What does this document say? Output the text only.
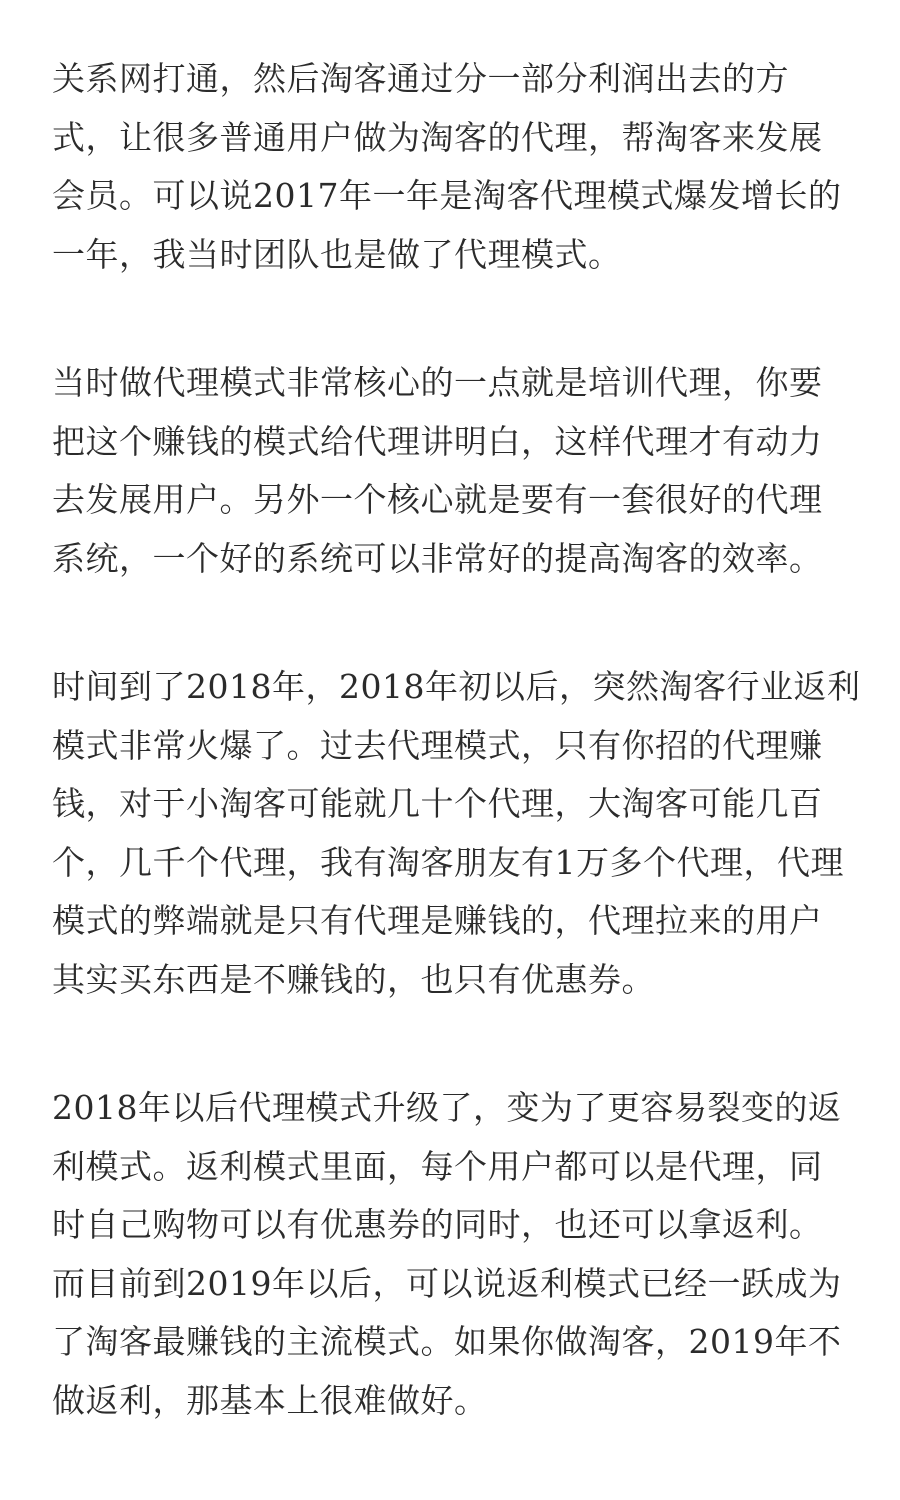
关系网打通，然后淘客通过分一部分利润出去的方
式，让很多普通用户做为淘客的代理，帮淘客来发展
会员。可以说2017年一年是淘客代理模式爆发增长的
一年，我当时团队也是做了代理模式。
当时做代理模式非常核心的一点就是培训代理，你要
把这个赚钱的模式给代理讲明白，这样代理才有动力
去发展用户。另外一个核心就是要有一套很好的代理
系统，一个好的系统可以非常好的提高淘客的效率。
时间到了2018年，2018年初以后，突然淘客行业返利
模式非常火爆了。过去代理模式，只有你招的代理赚
钱，对于小淘客可能就几十个代理，大淘客可能几百
个，几千个代理，我有淘客朋友有1万多个代理，代理
模式的弊端就是只有代理是赚钱的，代理拉来的用户
其实买东西是不赚钱的，也只有优惠券。
2018年以后代理模式升级了，变为了更容易裂变的返
利模式。返利模式里面，每个用户都可以是代理，同
时自己购物可以有优惠券的同时，也还可以拿返利。
而目前到2019年以后，可以说返利模式已经一跃成为
了淘客最赚钱的主流模式。如果你做淘客，2019年不
做返利，那基本上很难做好。
